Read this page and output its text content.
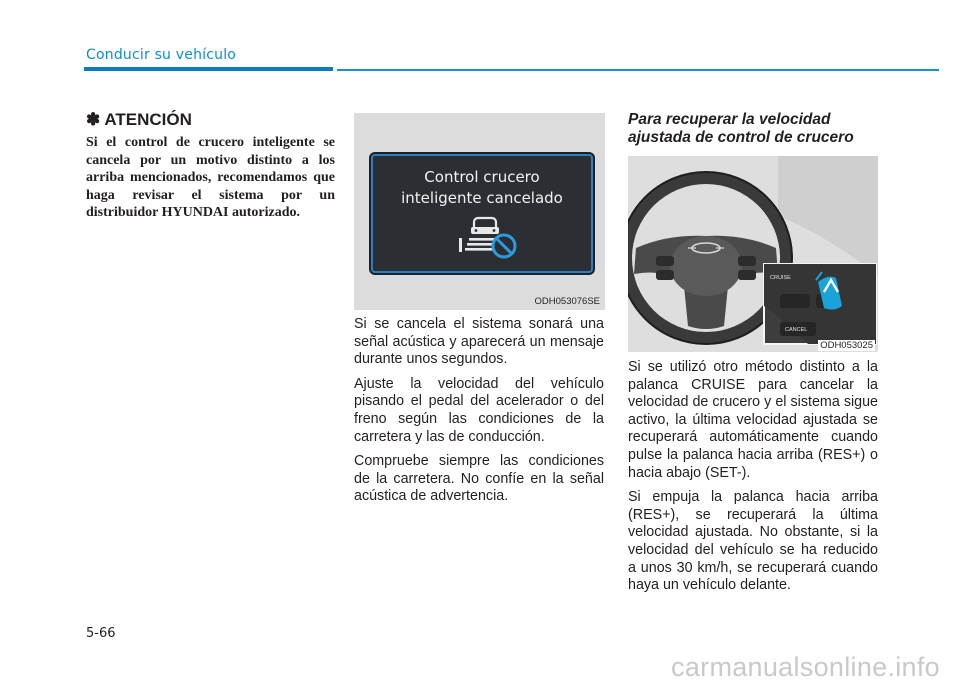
Conducir su vehículo
✽ ATENCIÓN
Si el control de crucero inteligente se cancela por un motivo distinto a los arriba mencionados, recomendamos que haga revisar el sistema por un distribuidor HYUNDAI autorizado.
Control crucero
inteligente cancelado
ODH053076SE

Si se cancela el sistema sonará una señal acústica y aparecerá un mensaje durante unos segundos.

Ajuste la velocidad del vehículo pisando el pedal del acelerador o del freno según las condiciones de la carretera y las de conducción.

Compruebe siempre las condiciones de la carretera. No confíe en la señal acústica de advertencia.

Para recuperar la velocidad ajustada de control de crucero
CRUISE
CANCEL
ODH053025

Si se utilizó otro método distinto a la palanca CRUISE para cancelar la velocidad de crucero y el sistema sigue activo, la última velocidad ajustada se recuperará automáticamente cuando pulse la palanca hacia arriba (RES+) o hacia abajo (SET-).

Si empuja la palanca hacia arriba (RES+), se recuperará la última velocidad ajustada. No obstante, si la velocidad del vehículo se ha reducido a unos 30 km/h, se recuperará cuando haya un vehículo delante.

5-66
carmanualsonline.info
